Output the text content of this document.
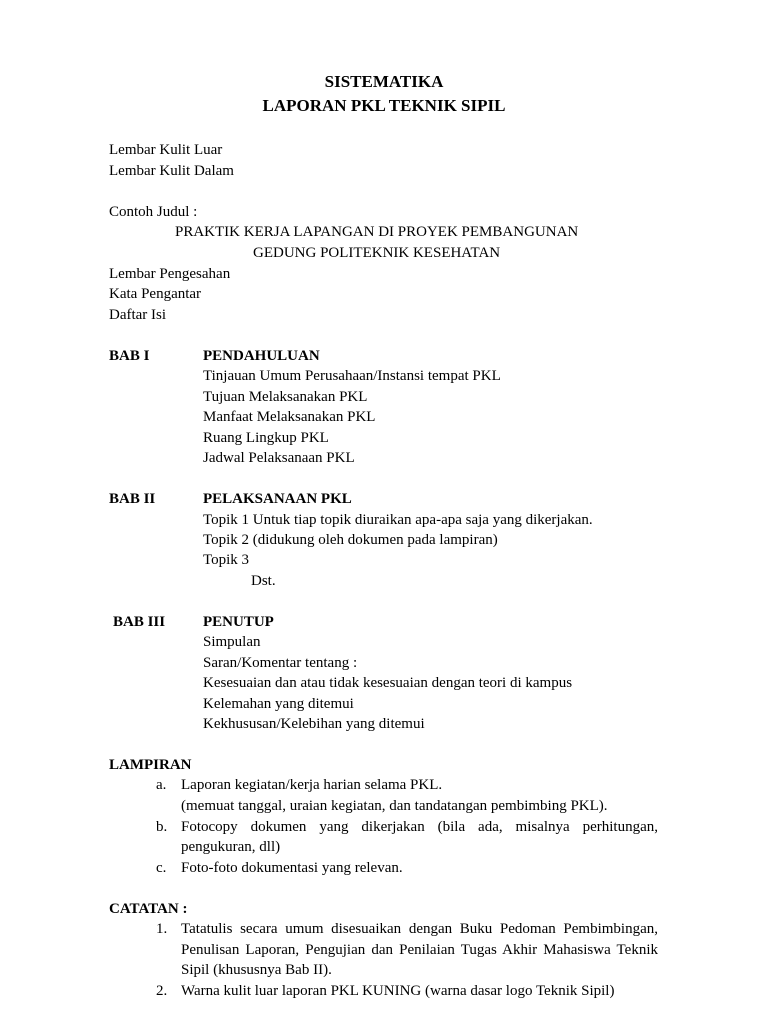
SISTEMATIKA
LAPORAN PKL TEKNIK SIPIL
Lembar Kulit Luar
Lembar Kulit Dalam
Contoh Judul :
PRAKTIK KERJA LAPANGAN DI PROYEK PEMBANGUNAN
GEDUNG POLITEKNIK KESEHATAN
Lembar Pengesahan
Kata Pengantar
Daftar Isi
BAB I	PENDAHULUAN
Tinjauan Umum Perusahaan/Instansi tempat PKL
Tujuan Melaksanakan PKL
Manfaat Melaksanakan PKL
Ruang Lingkup PKL
Jadwal Pelaksanaan PKL
BAB II	PELAKSANAAN PKL
Topik 1 Untuk tiap topik diuraikan apa-apa saja yang dikerjakan.
Topik 2 (didukung oleh dokumen pada lampiran)
Topik 3
Dst.
BAB III	PENUTUP
Simpulan
Saran/Komentar tentang :
Kesesuaian dan atau tidak kesesuaian dengan teori di kampus
Kelemahan yang ditemui
Kekhususan/Kelebihan yang ditemui
LAMPIRAN
a. Laporan kegiatan/kerja harian selama PKL.
(memuat tanggal, uraian kegiatan, dan tandatangan pembimbing PKL).
b. Fotocopy dokumen yang dikerjakan (bila ada, misalnya perhitungan,
pengukuran, dll)
c. Foto-foto dokumentasi yang relevan.
CATATAN :
1. Tatatulis secara umum disesuaikan dengan Buku Pedoman Pembimbingan,
Penulisan Laporan, Pengujian dan Penilaian Tugas Akhir Mahasiswa Teknik
Sipil (khususnya Bab II).
2. Warna kulit luar laporan PKL KUNING (warna dasar logo Teknik Sipil)
